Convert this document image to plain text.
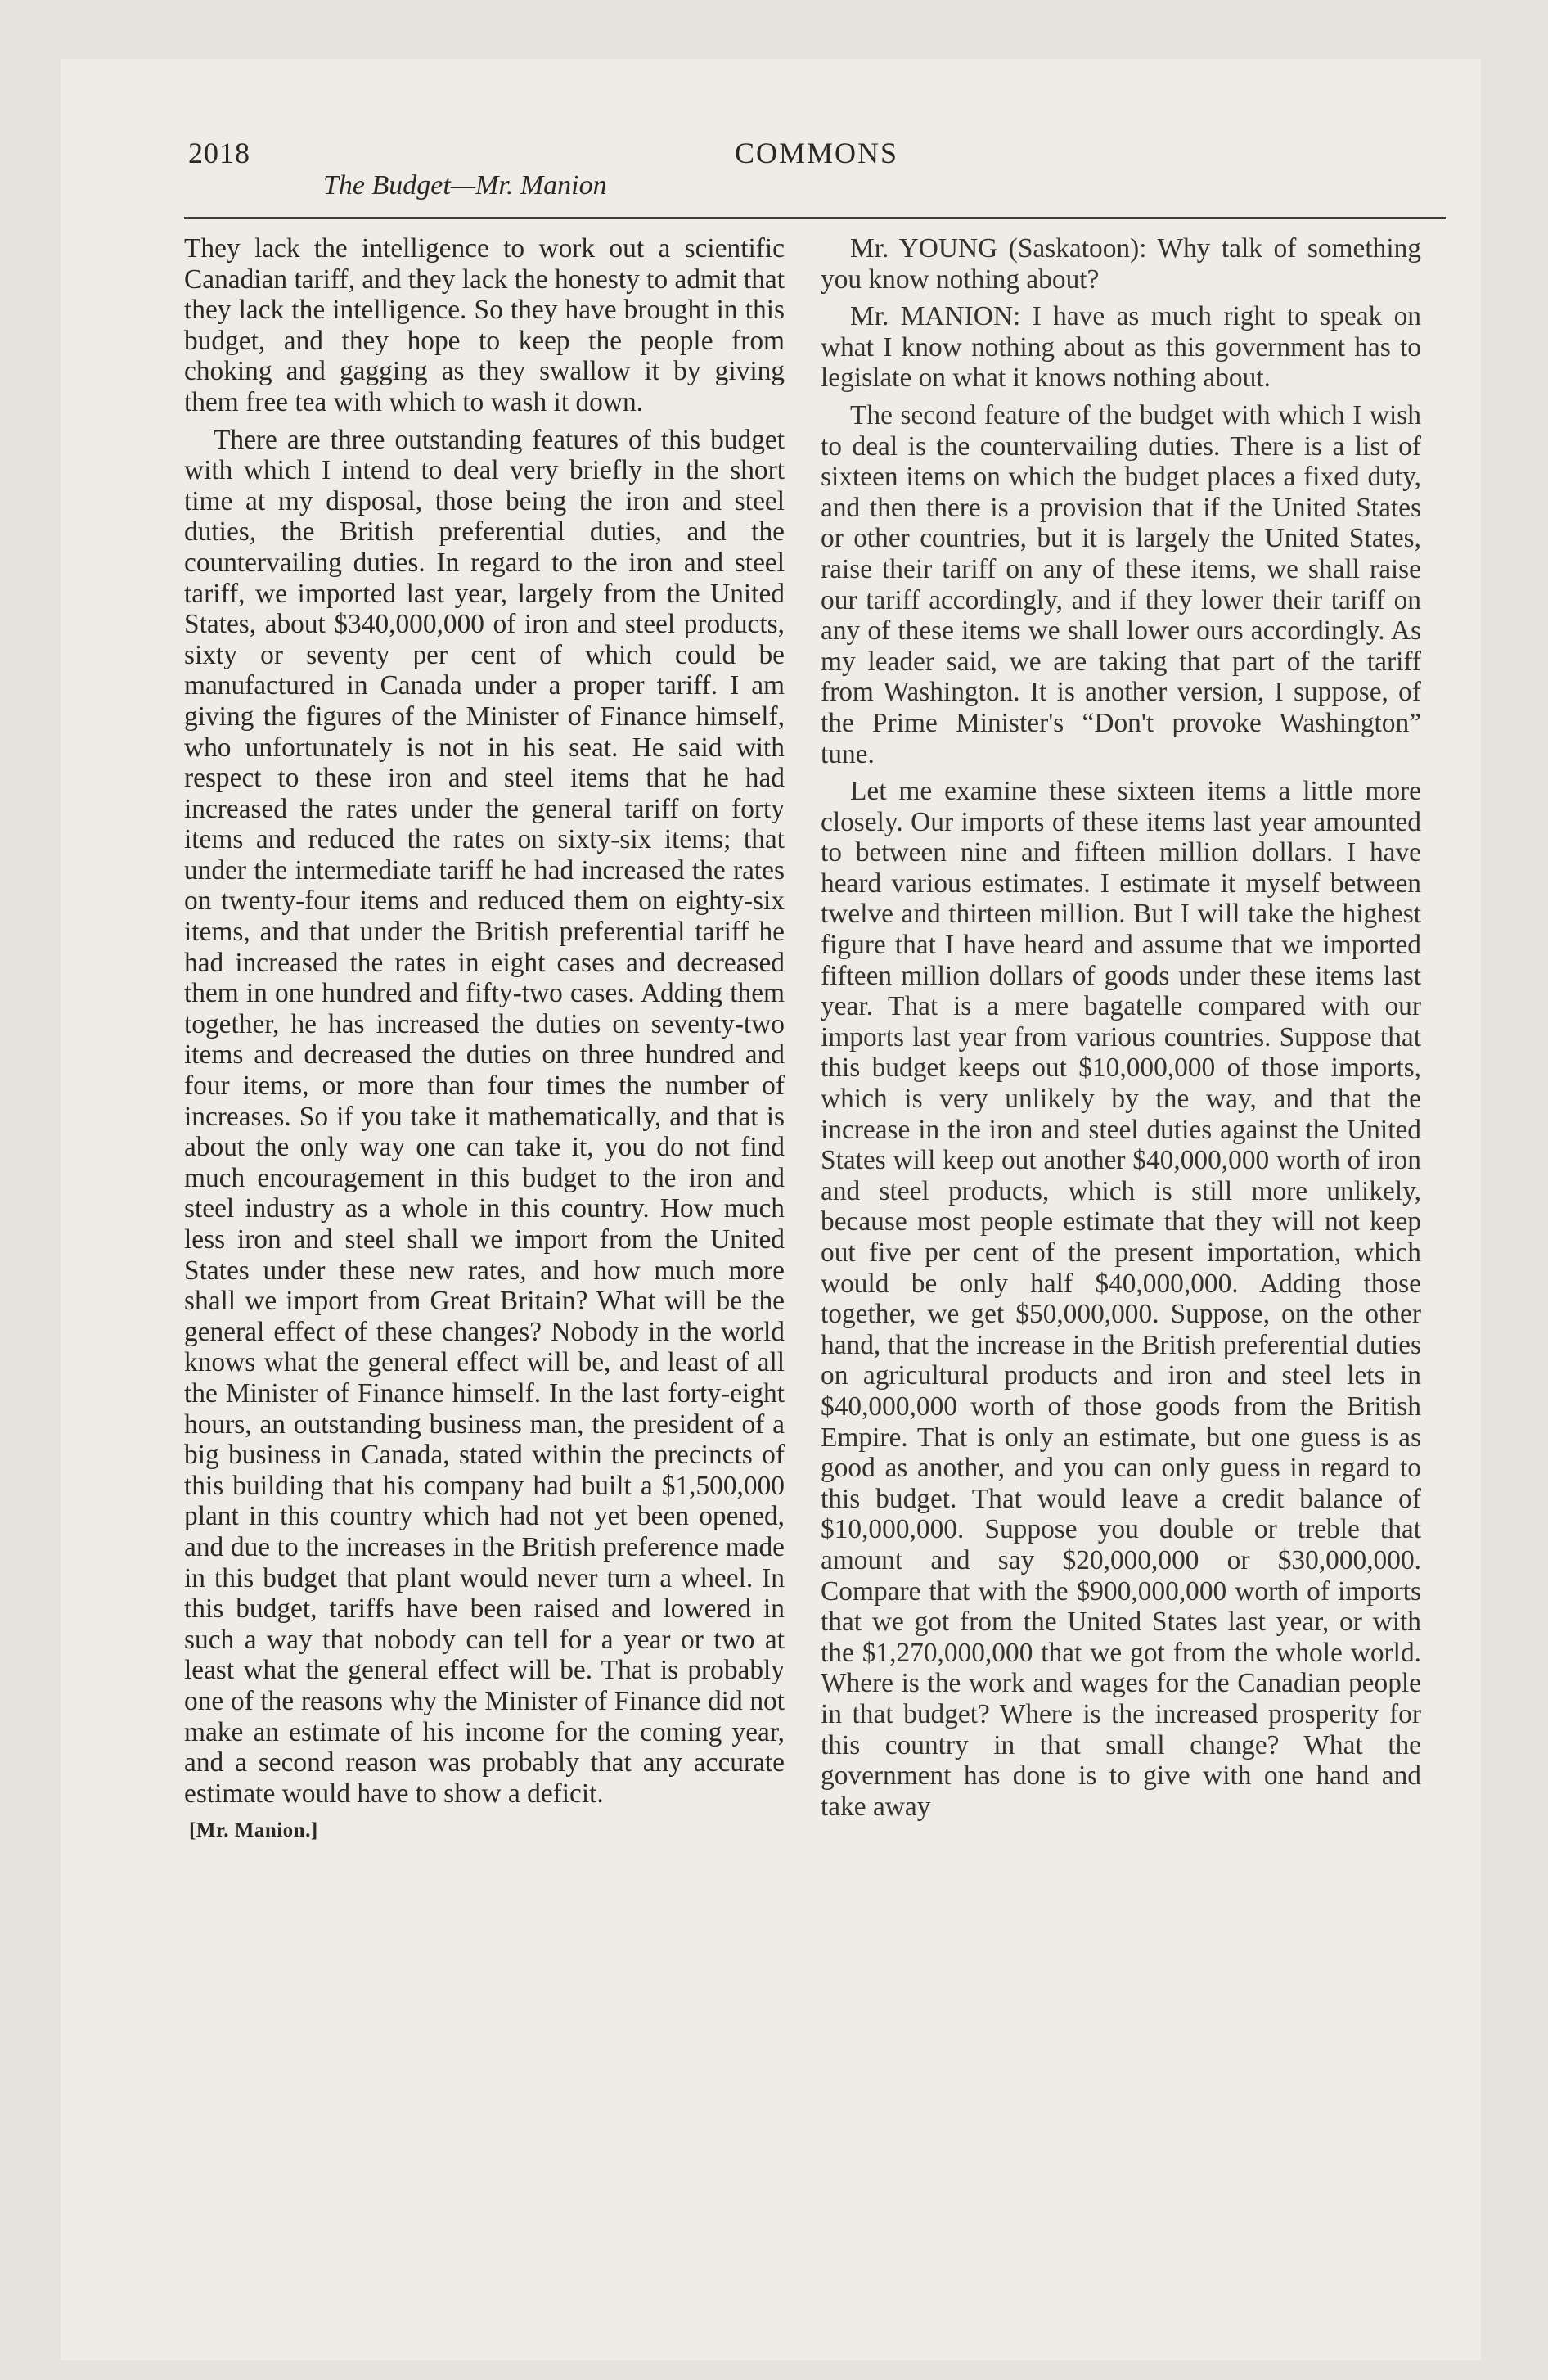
2018	COMMONS
The Budget—Mr. Manion

They lack the intelligence to work out a scientific Canadian tariff, and they lack the honesty to admit that they lack the intelligence. So they have brought in this budget, and they hope to keep the people from choking and gagging as they swallow it by giving them free tea with which to wash it down.

There are three outstanding features of this budget with which I intend to deal very briefly in the short time at my disposal, those being the iron and steel duties, the British preferential duties, and the countervailing duties. In regard to the iron and steel tariff, we imported last year, largely from the United States, about $340,000,000 of iron and steel products, sixty or seventy per cent of which could be manufactured in Canada under a proper tariff. I am giving the figures of the Minister of Finance himself, who unfortunately is not in his seat. He said with respect to these iron and steel items that he had increased the rates under the general tariff on forty items and reduced the rates on sixty-six items; that under the intermediate tariff he had increased the rates on twenty-four items and reduced them on eighty-six items, and that under the British preferential tariff he had increased the rates in eight cases and decreased them in one hundred and fifty-two cases. Adding them together, he has increased the duties on seventy-two items and decreased the duties on three hundred and four items, or more than four times the number of increases. So if you take it mathematically, and that is about the only way one can take it, you do not find much encouragement in this budget to the iron and steel industry as a whole in this country. How much less iron and steel shall we import from the United States under these new rates, and how much more shall we import from Great Britain? What will be the general effect of these changes? Nobody in the world knows what the general effect will be, and least of all the Minister of Finance himself. In the last forty-eight hours, an outstanding business man, the president of a big business in Canada, stated within the precincts of this building that his company had built a $1,500,000 plant in this country which had not yet been opened, and due to the increases in the British preference made in this budget that plant would never turn a wheel. In this budget, tariffs have been raised and lowered in such a way that nobody can tell for a year or two at least what the general effect will be. That is probably one of the reasons why the Minister of Finance did not make an estimate of his income for the coming year, and a second reason was probably that any accurate estimate would have to show a deficit.

[Mr. Manion.]

Mr. YOUNG (Saskatoon): Why talk of something you know nothing about?

Mr. MANION: I have as much right to speak on what I know nothing about as this government has to legislate on what it knows nothing about.

The second feature of the budget with which I wish to deal is the countervailing duties. There is a list of sixteen items on which the budget places a fixed duty, and then there is a provision that if the United States or other countries, but it is largely the United States, raise their tariff on any of these items, we shall raise our tariff accordingly, and if they lower their tariff on any of these items we shall lower ours accordingly. As my leader said, we are taking that part of the tariff from Washington. It is another version, I suppose, of the Prime Minister's “Don't provoke Washington” tune.

Let me examine these sixteen items a little more closely. Our imports of these items last year amounted to between nine and fifteen million dollars. I have heard various estimates. I estimate it myself between twelve and thirteen million. But I will take the highest figure that I have heard and assume that we imported fifteen million dollars of goods under these items last year. That is a mere bagatelle compared with our imports last year from various countries. Suppose that this budget keeps out $10,000,000 of those imports, which is very unlikely by the way, and that the increase in the iron and steel duties against the United States will keep out another $40,000,000 worth of iron and steel products, which is still more unlikely, because most people estimate that they will not keep out five per cent of the present importation, which would be only half $40,000,000. Adding those together, we get $50,000,000. Suppose, on the other hand, that the increase in the British preferential duties on agricultural products and iron and steel lets in $40,000,000 worth of those goods from the British Empire. That is only an estimate, but one guess is as good as another, and you can only guess in regard to this budget. That would leave a credit balance of $10,000,000. Suppose you double or treble that amount and say $20,000,000 or $30,000,000. Compare that with the $900,000,000 worth of imports that we got from the United States last year, or with the $1,270,000,000 that we got from the whole world. Where is the work and wages for the Canadian people in that budget? Where is the increased prosperity for this country in that small change? What the government has done is to give with one hand and take away
